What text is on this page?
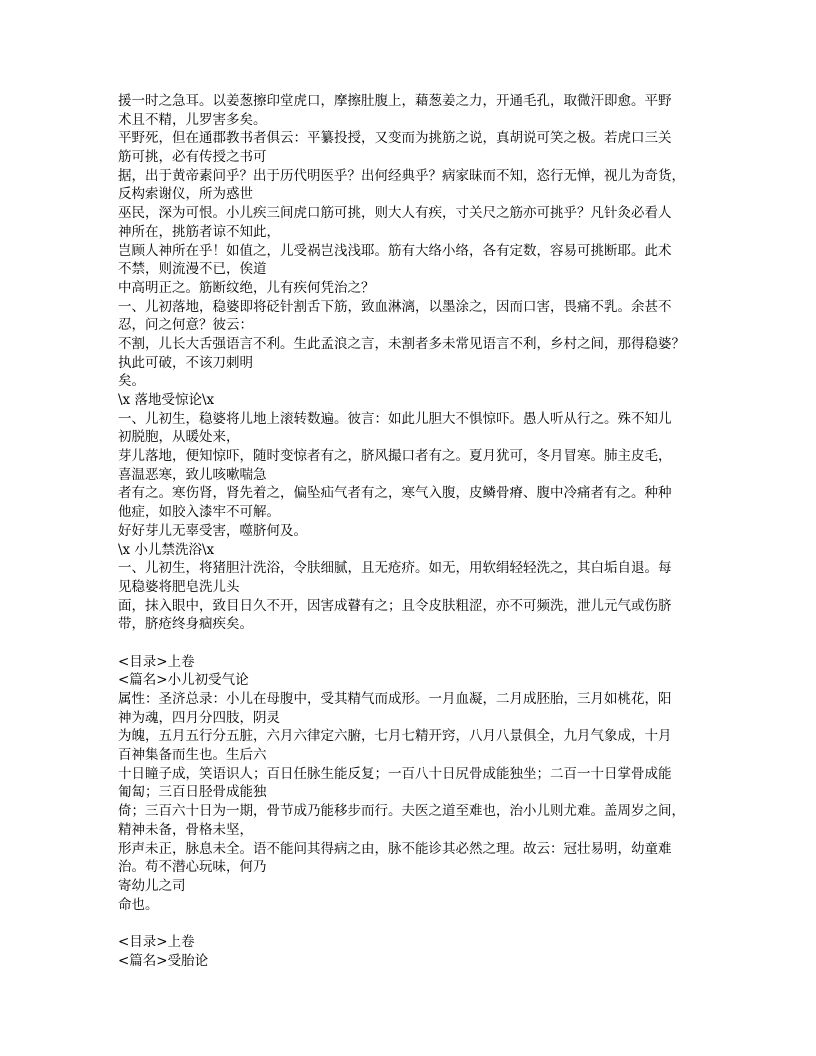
援一时之急耳。以姜葱擦印堂虎口，摩擦肚腹上，藉葱姜之力，开通毛孔，取微汗即愈。平野
术且不精，儿罗害多矣。
平野死，但在通郡教书者俱云：平纂投授，又变而为挑筋之说，真胡说可笑之极。若虎口三关
筋可挑，必有传授之书可
据，出于黄帝素问乎？出于历代明医乎？出何经典乎？病家昧而不知，恣行无惮，视儿为奇货，
反构索谢仪，所为惑世
巫民，深为可恨。小儿疾三间虎口筋可挑，则大人有疾，寸关尺之筋亦可挑乎？凡针灸必看人
神所在，挑筋者谅不知此，
岂顾人神所在乎！如值之，儿受祸岂浅浅耶。筋有大络小络，各有定数，容易可挑断耶。此术
不禁，则流漫不已，俟道
中高明正之。筋断纹绝，儿有疾何凭治之？
一、儿初落地，稳婆即将砭针割舌下筋，致血淋漓，以墨涂之，因而口害，畏痛不乳。余甚不
忍，问之何意？彼云：
不割，儿长大舌强语言不利。生此孟浪之言，未割者多未常见语言不利，乡村之间，那得稳婆？
执此可破，不该刀刺明
矣。
\x 落地受惊论\x
一、儿初生，稳婆将儿地上滚转数遍。彼言：如此儿胆大不惧惊吓。愚人听从行之。殊不知儿
初脱胞，从暖处来，
芽儿落地，便知惊吓，随时变惊者有之，脐风撮口者有之。夏月犹可，冬月冒寒。肺主皮毛，
喜温恶寒，致儿咳嗽喘急
者有之。寒伤肾，肾先着之，偏坠疝气者有之，寒气入腹，皮鳞骨瘠、腹中冷痛者有之。种种
他症，如胶入漆牢不可解。
好好芽儿无辜受害，噬脐何及。
\x 小儿禁洗浴\x
一、儿初生，将猪胆汁洗浴，令肤细腻，且无疮疥。如无，用软绢轻轻洗之，其白垢自退。每
见稳婆将肥皂洗儿头
面，抹入眼中，致目日久不开，因害成瞽有之；且令皮肤粗涩，亦不可频洗，泄儿元气或伤脐
带，脐疮终身痼疾矣。
<目录>上卷
<篇名>小儿初受气论
属性：圣济总录：小儿在母腹中，受其精气而成形。一月血凝，二月成胚胎，三月如桃花，阳
神为魂，四月分四肢，阴灵
为魄，五月五行分五脏，六月六律定六腑，七月七精开窍，八月八景俱全，九月气象成，十月
百神集备而生也。生后六
十日瞳子成，笑语识人；百日任脉生能反复；一百八十日尻骨成能独坐；二百一十日掌骨成能
匍匐；三百日胫骨成能独
倚；三百六十日为一期，骨节成乃能移步而行。夫医之道至难也，治小儿则尤难。盖周岁之间，
精神未备，骨格未坚，
形声未正，脉息未全。语不能问其得病之由，脉不能诊其必然之理。故云：冠壮易明，幼童难
治。苟不潜心玩味，何乃
寄幼儿之司
命也。
<目录>上卷
<篇名>受胎论
